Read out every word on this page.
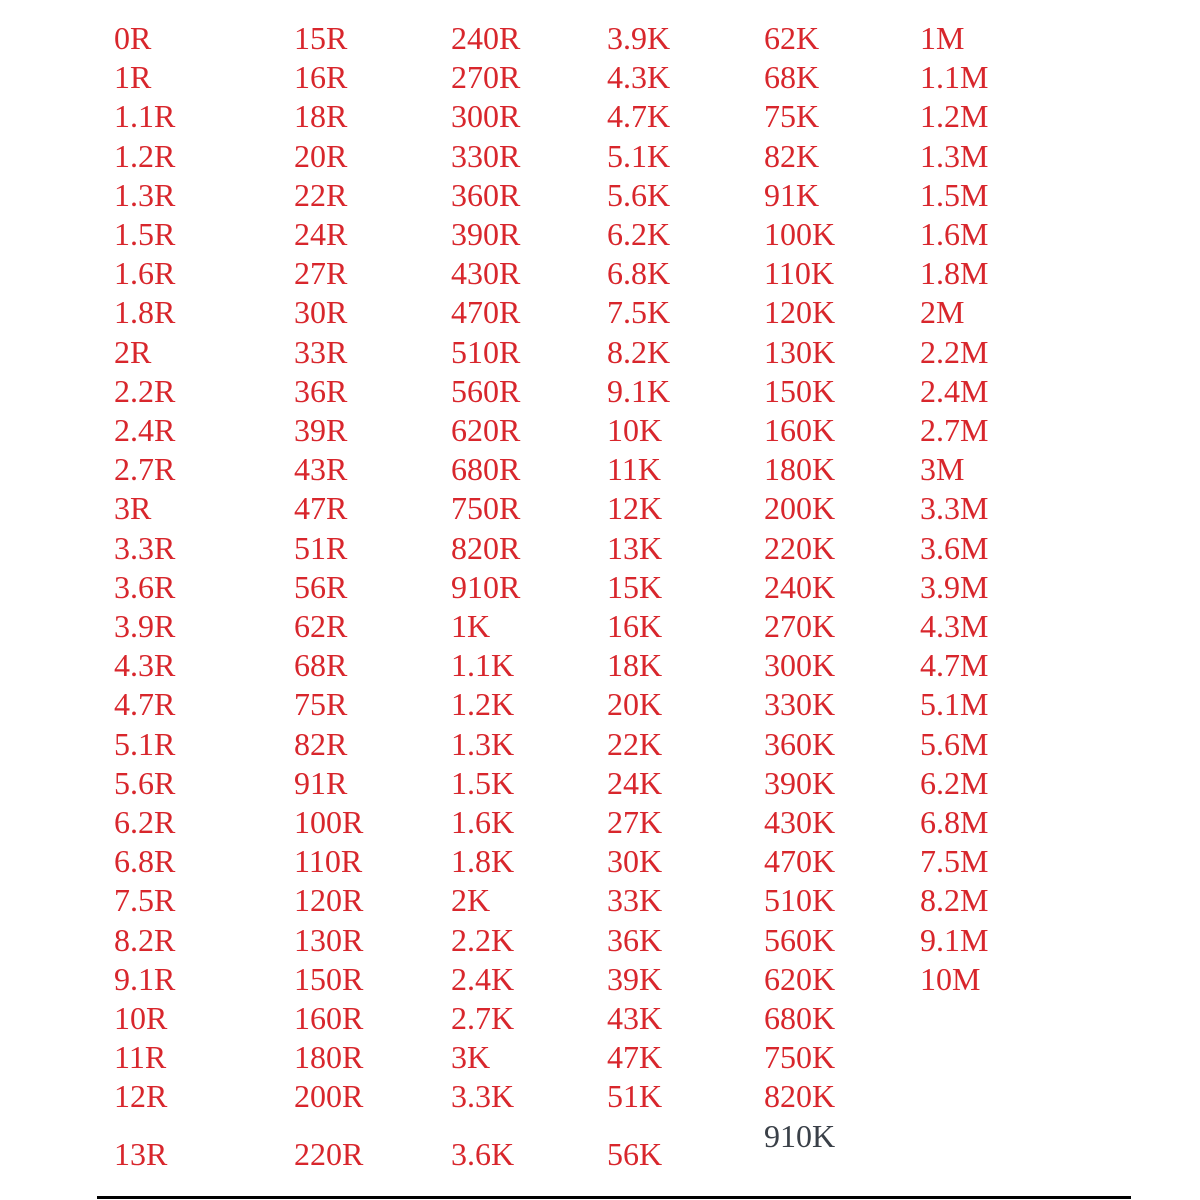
0R
1R
1.1R
1.2R
1.3R
1.5R
1.6R
1.8R
2R
2.2R
2.4R
2.7R
3R
3.3R
3.6R
3.9R
4.3R
4.7R
5.1R
5.6R
6.2R
6.8R
7.5R
8.2R
9.1R
10R
11R
12R
13R
15R
16R
18R
20R
22R
24R
27R
30R
33R
36R
39R
43R
47R
51R
56R
62R
68R
75R
82R
91R
100R
110R
120R
130R
150R
160R
180R
200R
220R
240R
270R
300R
330R
360R
390R
430R
470R
510R
560R
620R
680R
750R
820R
910R
1K
1.1K
1.2K
1.3K
1.5K
1.6K
1.8K
2K
2.2K
2.4K
2.7K
3K
3.3K
3.6K
3.9K
4.3K
4.7K
5.1K
5.6K
6.2K
6.8K
7.5K
8.2K
9.1K
10K
11K
12K
13K
15K
16K
18K
20K
22K
24K
27K
30K
33K
36K
39K
43K
47K
51K
56K
62K
68K
75K
82K
91K
100K
110K
120K
130K
150K
160K
180K
200K
220K
240K
270K
300K
330K
360K
390K
430K
470K
510K
560K
620K
680K
750K
820K
910K
1M
1.1M
1.2M
1.3M
1.5M
1.6M
1.8M
2M
2.2M
2.4M
2.7M
3M
3.3M
3.6M
3.9M
4.3M
4.7M
5.1M
5.6M
6.2M
6.8M
7.5M
8.2M
9.1M
10M
